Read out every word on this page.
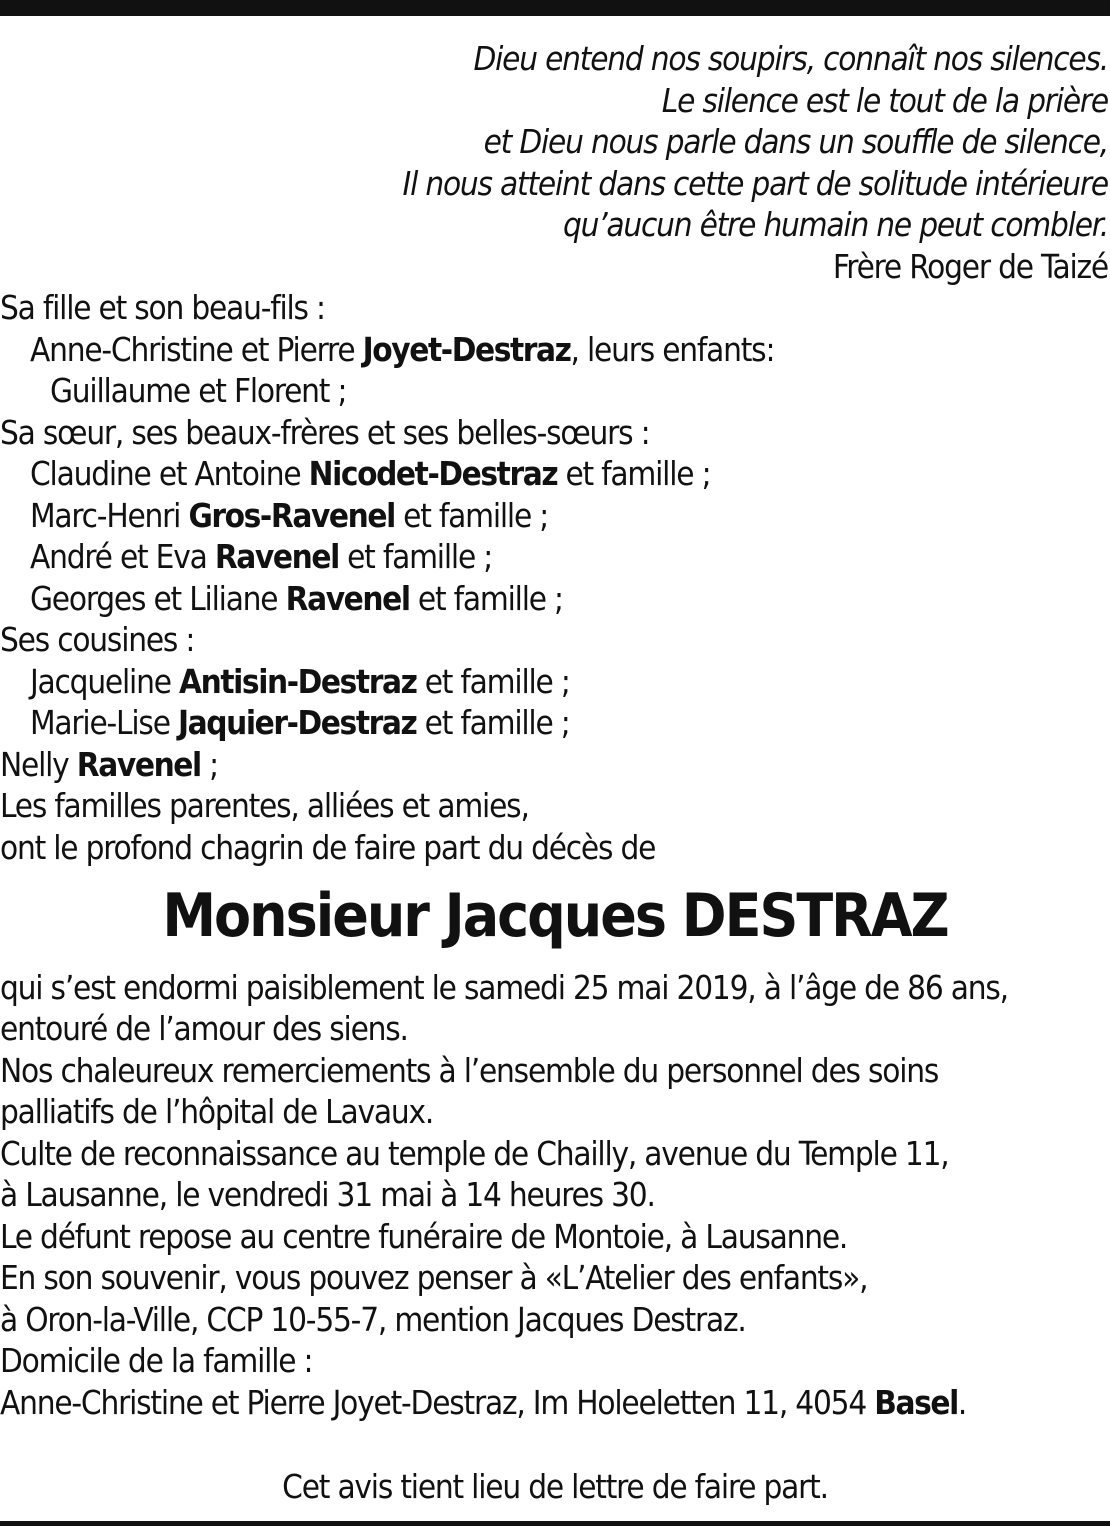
Dieu entend nos soupirs, connaît nos silences.
Le silence est le tout de la prière
et Dieu nous parle dans un souffle de silence,
Il nous atteint dans cette part de solitude intérieure
qu’aucun être humain ne peut combler.
Frère Roger de Taizé
Sa fille et son beau-fils :
Anne-Christine et Pierre Joyet-Destraz, leurs enfants:
Guillaume et Florent ;
Sa sœur, ses beaux-frères et ses belles-sœurs :
Claudine et Antoine Nicodet-Destraz et famille ;
Marc-Henri Gros-Ravenel et famille ;
André et Eva Ravenel et famille ;
Georges et Liliane Ravenel et famille ;
Ses cousines :
Jacqueline Antisin-Destraz et famille ;
Marie-Lise Jaquier-Destraz et famille ;
Nelly Ravenel ;
Les familles parentes, alliées et amies,
ont le profond chagrin de faire part du décès de
Monsieur Jacques DESTRAZ
qui s’est endormi paisiblement le samedi 25 mai 2019, à l’âge de 86 ans,
entouré de l’amour des siens.
Nos chaleureux remerciements à l’ensemble du personnel des soins
palliatifs de l’hôpital de Lavaux.
Culte de reconnaissance au temple de Chailly, avenue du Temple 11,
à Lausanne, le vendredi 31 mai à 14 heures 30.
Le défunt repose au centre funéraire de Montoie, à Lausanne.
En son souvenir, vous pouvez penser à «L’Atelier des enfants»,
à Oron-la-Ville, CCP 10-55-7, mention Jacques Destraz.
Domicile de la famille :
Anne-Christine et Pierre Joyet-Destraz, Im Holeeletten 11, 4054 Basel.
Cet avis tient lieu de lettre de faire part.
